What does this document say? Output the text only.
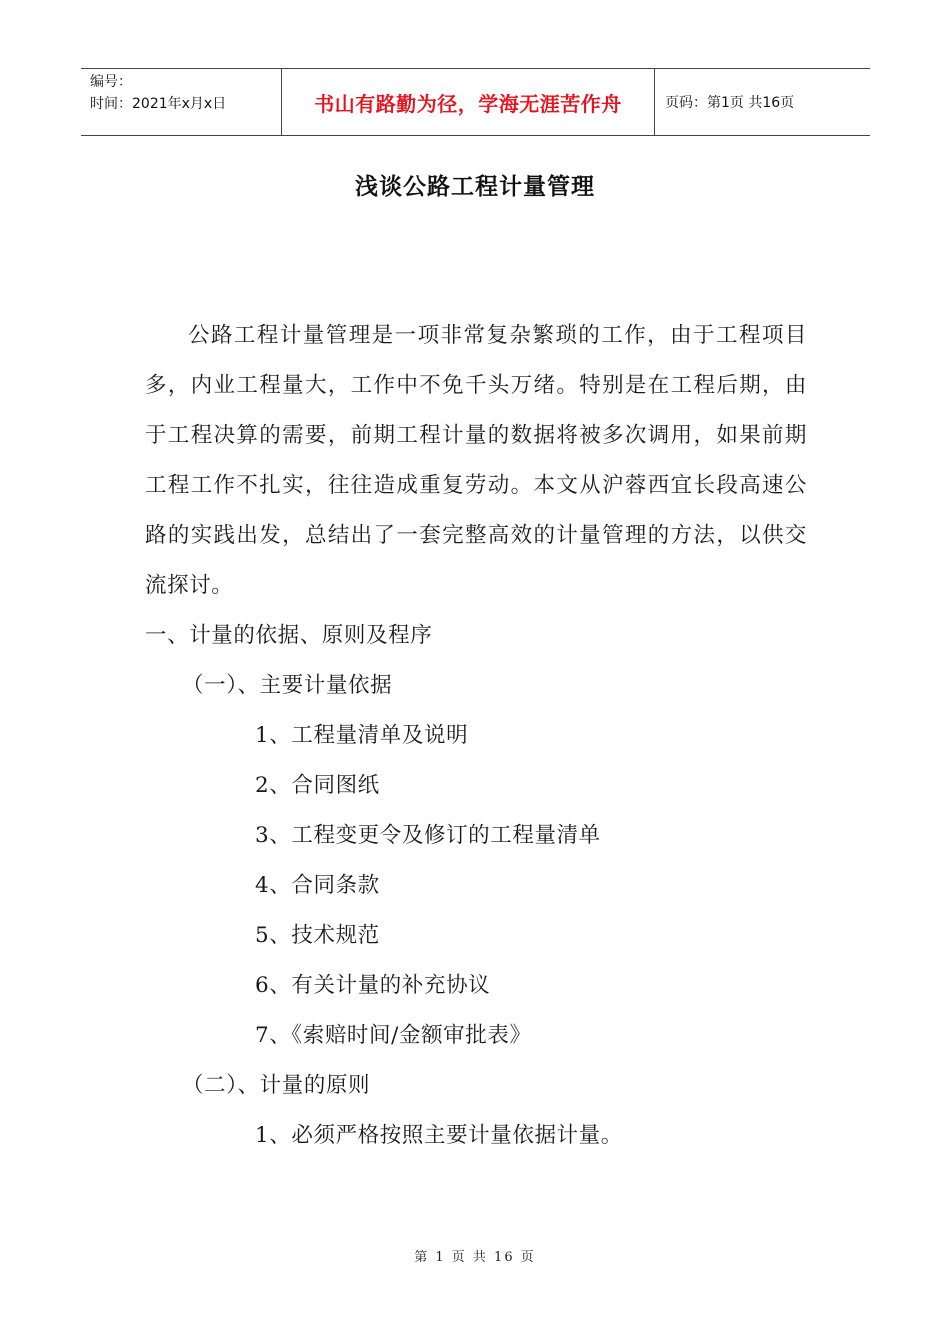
编号：
时间：2021年x月x日	书山有路勤为径，学海无涯苦作舟	页码：第1页 共16页
浅谈公路工程计量管理

公路工程计量管理是一项非常复杂繁琐的工作，由于工程项目多，内业工程量大，工作中不免千头万绪。特别是在工程后期，由于工程决算的需要，前期工程计量的数据将被多次调用，如果前期工程工作不扎实，往往造成重复劳动。本文从沪蓉西宜长段高速公路的实践出发，总结出了一套完整高效的计量管理的方法，以供交流探讨。

一、计量的依据、原则及程序

（一）、主要计量依据

1、工程量清单及说明

2、合同图纸

3、工程变更令及修订的工程量清单

4、合同条款

5、技术规范

6、有关计量的补充协议

7、《索赔时间/金额审批表》

（二）、计量的原则

1、必须严格按照主要计量依据计量。

第 1 页 共 16 页
